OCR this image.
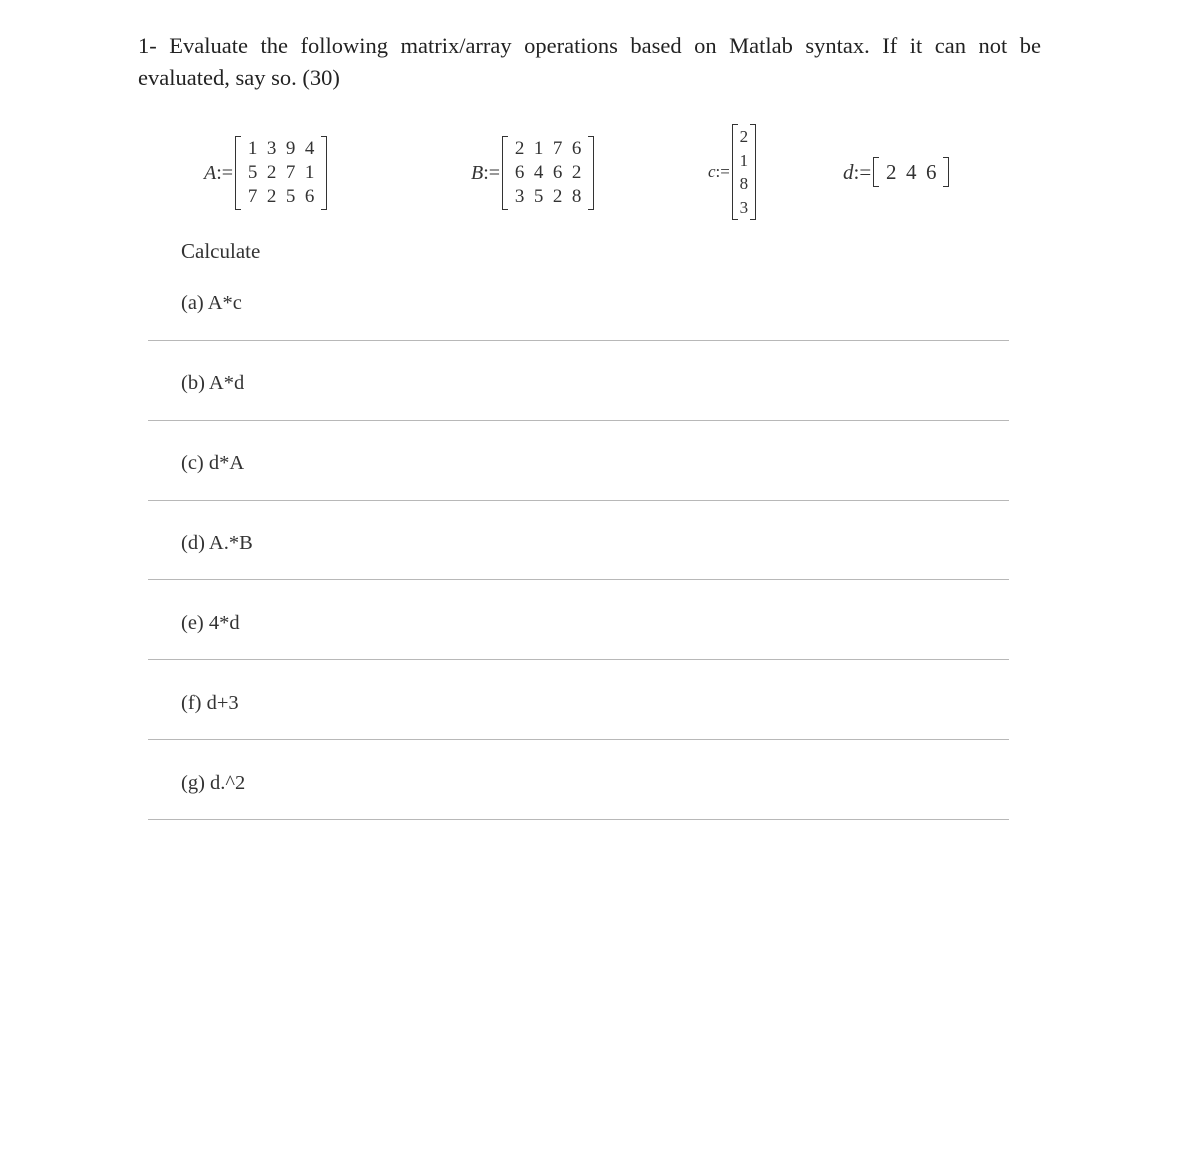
1- Evaluate the following matrix/array operations based on Matlab syntax. If it can not be
evaluated, say so. (30)
A:=
1 3 9 4
5 2 7 1
7 2 5 6
B:=
2 1 7 6
6 4 6 2
3 5 2 8
c:=
2
1
8
3
d:= 2 4 6
Calculate
(a) A*c
(b) A*d
(c) d*A
(d) A.*B
(e) 4*d
(f) d+3
(g) d.^2
